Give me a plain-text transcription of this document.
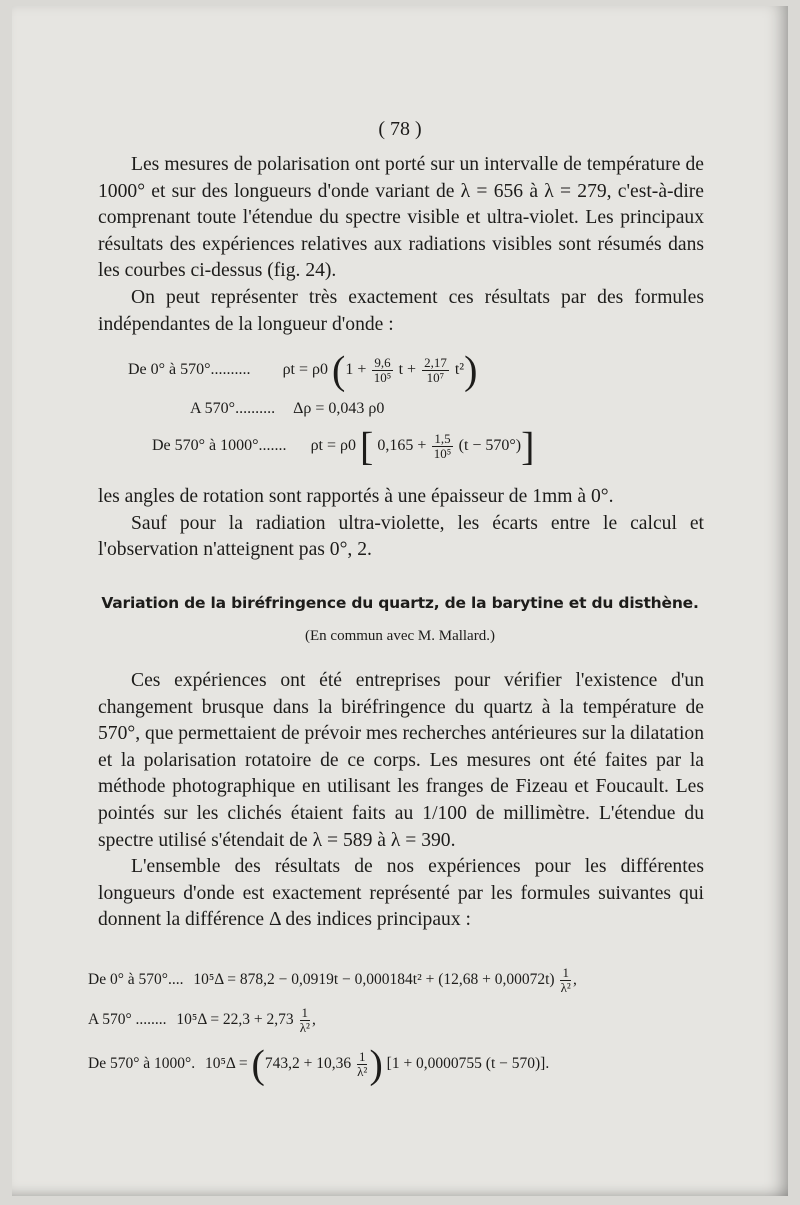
( 78 )

Les mesures de polarisation ont porté sur un intervalle de température de 1000° et sur des longueurs d'onde variant de λ = 656 à λ = 279, c'est-à-dire comprenant toute l'étendue du spectre visible et ultra-violet. Les principaux résultats des expériences relatives aux radiations visibles sont résumés dans les courbes ci-dessus (fig. 24).

On peut représenter très exactement ces résultats par des formules indépendantes de la longueur d'onde :

De 0° à 570°.......... ρt = ρ0 ($1 + \frac{9,6}{\text{10⁵}}$ $t + \frac{2,17}{\text{10⁷}} t^2$)
A 570°.......... Δρ = 0,043 ρ0
De 570° à 1000°....... ρt = ρ0 [ $0,165 + \frac{1,5}{\text{10⁵}} (t - 570^\circ)$]

les angles de rotation sont rapportés à une épaisseur de 1mm à 0°.

Sauf pour la radiation ultra-violette, les écarts entre le calcul et l'observation n'atteignent pas 0°, 2.

Variation de la biréfringence du quartz, de la barytine et du disthène.
(En commun avec M. Mallard.)

Ces expériences ont été entreprises pour vérifier l'existence d'un changement brusque dans la biréfringence du quartz à la température de 570°, que permettaient de prévoir mes recherches antérieures sur la dilatation et la polarisation rotatoire de ce corps. Les mesures ont été faites par la méthode photographique en utilisant les franges de Fizeau et Foucault. Les pointés sur les clichés étaient faits au 1/100 de millimètre. L'étendue du spectre utilisé s'étendait de λ = 589 à λ = 390.

L'ensemble des résultats de nos expériences pour les différentes longueurs d'onde est exactement représenté par les formules suivantes qui donnent la différence Δ des indices principaux :

De 0° à 570°.... $10^5\Delta = 878,2 - 0,0919t - 0,000184t^2 + (12,68 + 0,00072t) \frac{1}{\text{λ²}}$ ,
A 570° ........ $10^5\Delta = 22,3 + 2,73 \frac{1}{\text{λ²}}$ ,
De 570° à 1000°. $10^5\Delta = (743,2 + 10,36 \frac{1}{\text{λ²}}$ ) [1 + 0,0000755 (t − 570)].
